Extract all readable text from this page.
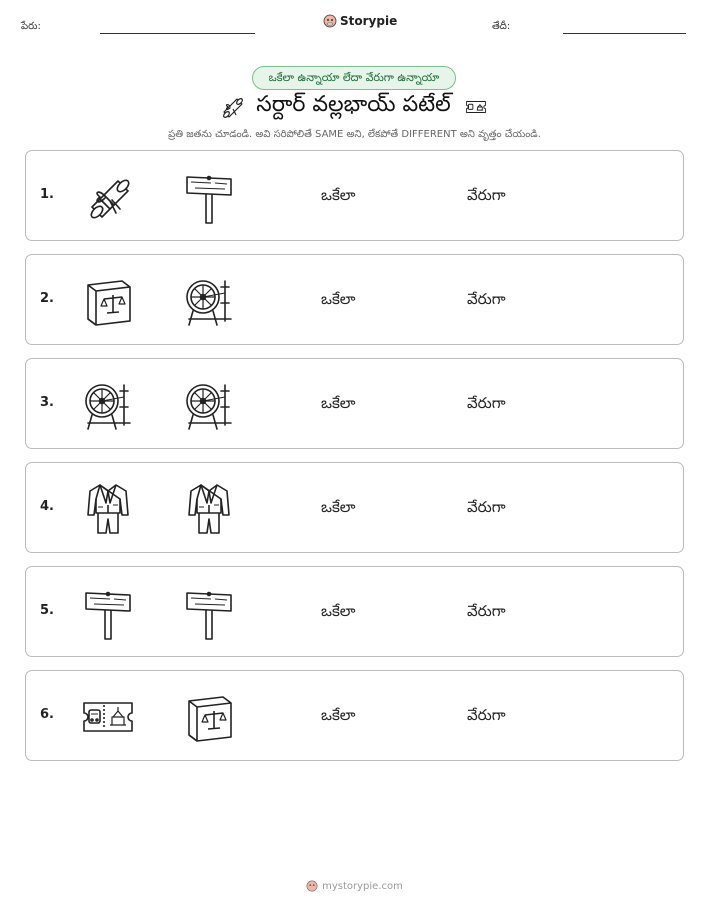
పేరు:	Storypie	తేదీ:
ఒకేలా ఉన్నాయా లేదా వేరుగా ఉన్నాయా
సర్దార్ వల్లభాయ్ పటేల్
ప్రతి జతను చూడండి. అవి సరిపోలితే SAME అని, లేకపోతే DIFFERENT అని వృత్తం చేయండి.
1.	ఒకేలా	వేరుగా
2.	ఒకేలా	వేరుగా
3.	ఒకేలా	వేరుగా
4.	ఒకేలా	వేరుగా
5.	ఒకేలా	వేరుగా
6.	ఒకేలా	వేరుగా
mystorypie.com
